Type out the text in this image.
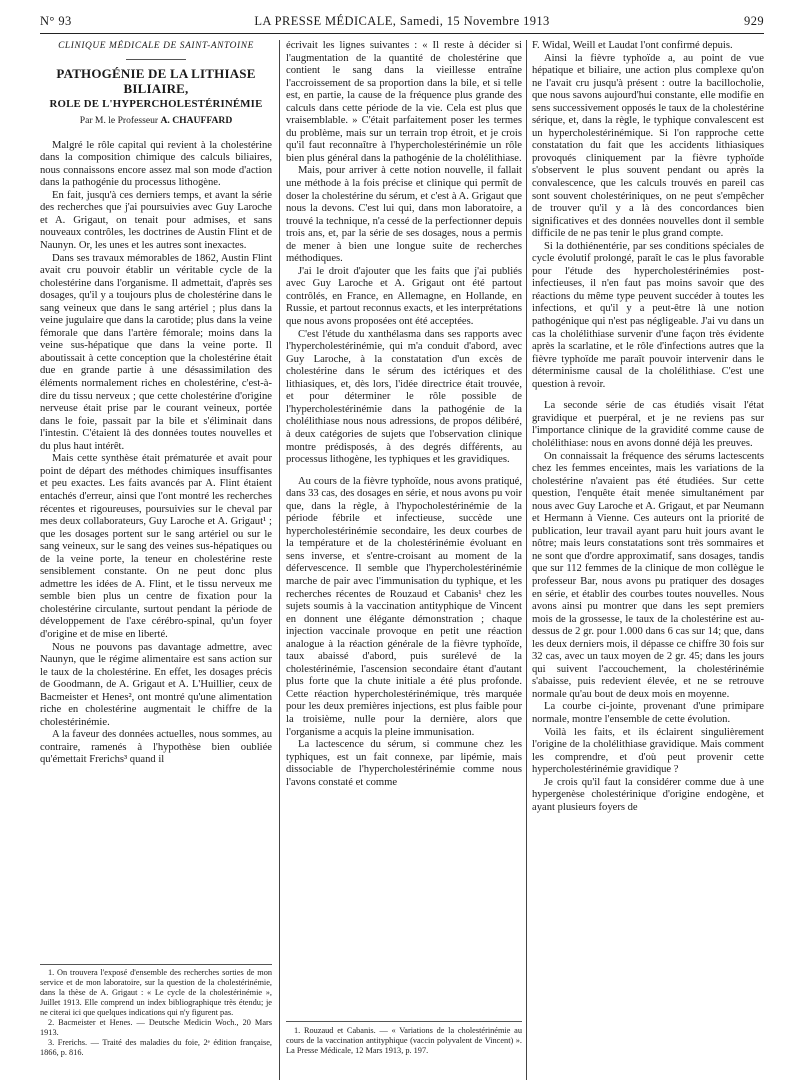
N° 93	LA PRESSE MÉDICALE, Samedi, 15 Novembre 1913	929

CLINIQUE MÉDICALE DE SAINT-ANTOINE

PATHOGÉNIE DE LA LITHIASE BILIAIRE,

ROLE DE L'HYPERCHOLESTÉRINÉMIE

Par M. le Professeur A. CHAUFFARD

Malgré le rôle capital qui revient à la cholestérine dans la composition chimique des calculs biliaires, nous connaissons encore assez mal son mode d'action dans la pathogénie du processus lithogène.

En fait, jusqu'à ces derniers temps, et avant la série des recherches que j'ai poursuivies avec Guy Laroche et A. Grigaut, on tenait pour admises, et sans nouveaux contrôles, les doctrines de Austin Flint et de Naunyn. Or, les unes et les autres sont inexactes.

Dans ses travaux mémorables de 1862, Austin Flint avait cru pouvoir établir un véritable cycle de la cholestérine dans l'organisme. Il admettait, d'après ses dosages, qu'il y a toujours plus de cholestérine dans le sang veineux que dans le sang artériel ; plus dans la veine jugulaire que dans la carotide; plus dans la veine fémorale que dans l'artère fémorale; moins dans la veine sus-hépatique que dans la veine porte. Il aboutissait à cette conception que la cholestérine était due en grande partie à une désassimilation des éléments normalement riches en cholestérine, c'est-à-dire du tissu nerveux ; que cette cholestérine d'origine nerveuse était prise par le courant veineux, portée dans le foie, passait par la bile et s'éliminait dans l'intestin. C'étaient là des données toutes nouvelles et du plus haut intérêt.

Mais cette synthèse était prématurée et avait pour point de départ des méthodes chimiques insuffisantes et peu exactes. Les faits avancés par A. Flint étaient entachés d'erreur, ainsi que l'ont montré les recherches récentes et rigoureuses, poursuivies sur le cheval par mes deux collaborateurs, Guy Laroche et A. Grigaut¹ ; que les dosages portent sur le sang artériel ou sur le sang veineux, sur le sang des veines sus-hépatiques ou de la veine porte, la teneur en cholestérine reste sensiblement constante. On ne peut donc plus admettre les idées de A. Flint, et le tissu nerveux me semble bien plus un centre de fixation pour la cholestérine circulante, surtout pendant la période de développement de l'axe cérébro-spinal, qu'un foyer d'origine et de mise en liberté.

Nous ne pouvons pas davantage admettre, avec Naunyn, que le régime alimentaire est sans action sur le taux de la cholestérine. En effet, les dosages précis de Goodmann, de A. Grigaut et A. L'Huillier, ceux de Bacmeister et Henes², ont montré qu'une alimentation riche en cholestérine augmentait le chiffre de la cholestérinémie.

A la faveur des données actuelles, nous sommes, au contraire, ramenés à l'hypothèse bien oubliée qu'émettait Frerichs³ quand il

1. On trouvera l'exposé d'ensemble des recherches sorties de mon service et de mon laboratoire, sur la question de la cholestérinémie, dans la thèse de A. Grigaut : « Le cycle de la cholestérinémie », Juillet 1913. Elle comprend un index bibliographique très étendu; je ne citerai ici que quelques indications qui n'y figurent pas.

2. Bacmeister et Henes. — Deutsche Medicin Woch., 20 Mars 1913.

3. Frerichs. — Traité des maladies du foie, 2ᵉ édition française, 1866, p. 816.

écrivait les lignes suivantes : « Il reste à décider si l'augmentation de la quantité de cholestérine que contient le sang dans la vieillesse entraîne l'accroissement de sa proportion dans la bile, et si telle est, en partie, la cause de la fréquence plus grande des calculs dans cette période de la vie. Cela est plus que vraisemblable. » C'était parfaitement poser les termes du problème, mais sur un terrain trop étroit, et je crois qu'il faut reconnaître à l'hypercholestérinémie un rôle bien plus général dans la pathogénie de la cholélithiase.

Mais, pour arriver à cette notion nouvelle, il fallait une méthode à la fois précise et clinique qui permît de doser la cholestérine du sérum, et c'est à A. Grigaut que nous la devons. C'est lui qui, dans mon laboratoire, a trouvé la technique, n'a cessé de la perfectionner depuis trois ans, et, par la série de ses dosages, nous a permis de mener à bien une longue suite de recherches méthodiques.

J'ai le droit d'ajouter que les faits que j'ai publiés avec Guy Laroche et A. Grigaut ont été partout contrôlés, en France, en Allemagne, en Hollande, en Russie, et partout reconnus exacts, et les interprétations que nous avons proposées ont été acceptées.

C'est l'étude du xanthélasma dans ses rapports avec l'hypercholestérinémie, qui m'a conduit d'abord, avec Guy Laroche, à la constatation d'un excès de cholestérine dans le sérum des ictériques et des lithiasiques, et, dès lors, l'idée directrice était trouvée, et pour déterminer le rôle possible de l'hypercholestérinémie dans la pathogénie de la cholélithiase nous nous adressions, de propos délibéré, à deux catégories de sujets que l'observation clinique montre prédisposés, à des degrés différents, au processus lithogène, les typhiques et les gravidiques.

Au cours de la fièvre typhoïde, nous avons pratiqué, dans 33 cas, des dosages en série, et nous avons pu voir que, dans la règle, à l'hypocholestérinémie de la période fébrile et infectieuse, succède une hypercholestérinémie secondaire, les deux courbes de la température et de la cholestérinémie évoluant en sens inverse, et s'entre-croisant au moment de la défervescence. Il semble que l'hypercholestérinémie marche de pair avec l'immunisation du typhique, et les recherches récentes de Rouzaud et Cabanis¹ chez les sujets soumis à la vaccination antityphique de Vincent en donnent une élégante démonstration ; chaque injection vaccinale provoque en petit une réaction analogue à la réaction générale de la fièvre typhoïde, taux abaissé d'abord, puis surélevé de la cholestérinémie, l'ascension secondaire étant d'autant plus forte que la chute initiale a été plus profonde. Cette réaction hypercholestérinémique, très marquée pour les deux premières injections, est plus faible pour la troisième, nulle pour la dernière, alors que l'organisme a acquis la pleine immunisation.

La lactescence du sérum, si commune chez les typhiques, est un fait connexe, par lipémie, mais dissociable de l'hypercholestérinémie comme nous l'avons constaté et comme

1. Rouzaud et Cabanis. — « Variations de la cholestérinémie au cours de la vaccination antityphique (vaccin polyvalent de Vincent) ». La Presse Médicale, 12 Mars 1913, p. 197.

F. Widal, Weill et Laudat l'ont confirmé depuis.

Ainsi la fièvre typhoïde a, au point de vue hépatique et biliaire, une action plus complexe qu'on ne l'avait cru jusqu'à présent : outre la bacillocholie, que nous savons aujourd'hui constante, elle modifie en sens successivement opposés le taux de la cholestérine sérique, et, dans la règle, le typhique convalescent est un hypercholestérinémique. Si l'on rapproche cette constatation du fait que les accidents lithiasiques provoqués cliniquement par la fièvre typhoïde s'observent le plus souvent pendant ou après la convalescence, que les calculs trouvés en pareil cas sont souvent cholestériniques, on ne peut s'empêcher de trouver qu'il y a là des concordances bien significatives et des données nouvelles dont il semble difficile de ne pas tenir le plus grand compte.

Si la dothiénentérie, par ses conditions spéciales de cycle évolutif prolongé, paraît le cas le plus favorable pour l'étude des hypercholestérinémies post-infectieuses, il n'en faut pas moins savoir que des réactions du même type peuvent succéder à toutes les infections, et qu'il y a peut-être là une notion pathogénique qui n'est pas négligeable. J'ai vu dans un cas la cholélithiase survenir d'une façon très évidente après la scarlatine, et le rôle d'infections autres que la fièvre typhoïde me paraît pouvoir intervenir dans le déterminisme causal de la cholélithiase. C'est une question à revoir.

La seconde série de cas étudiés visait l'état gravidique et puerpéral, et je ne reviens pas sur l'importance clinique de la gravidité comme cause de cholélithiase: nous en avons donné déjà les preuves.

On connaissait la fréquence des sérums lactescents chez les femmes enceintes, mais les variations de la cholestérine n'avaient pas été étudiées. Sur cette question, l'enquête était menée simultanément par nous avec Guy Laroche et A. Grigaut, et par Neumann et Hermann à Vienne. Ces auteurs ont la priorité de publication, leur travail ayant paru huit jours avant le nôtre; mais leurs constatations sont très sommaires et ne sont que d'ordre approximatif, sans dosages, tandis que sur 112 femmes de la clinique de mon collègue le professeur Bar, nous avons pu pratiquer des dosages en série, et établir des courbes toutes nouvelles. Nous avons ainsi pu montrer que dans les sept premiers mois de la grossesse, le taux de la cholestérine est au-dessus de 2 gr. pour 1.000 dans 6 cas sur 14; que, dans les deux derniers mois, il dépasse ce chiffre 30 fois sur 32 cas, avec un taux moyen de 2 gr. 45; dans les jours qui suivent l'accouchement, la cholestérinémie s'abaisse, puis redevient élevée, et ne se retrouve normale qu'au bout de deux mois en moyenne.

La courbe ci-jointe, provenant d'une primipare normale, montre l'ensemble de cette évolution.

Voilà les faits, et ils éclairent singulièrement l'origine de la cholélithiase gravidique. Mais comment les comprendre, et d'où peut provenir cette hypercholestérinémie gravidique ?

Je crois qu'il faut la considérer comme due à une hypergenèse cholestérinique d'origine endogène, et ayant plusieurs foyers de
